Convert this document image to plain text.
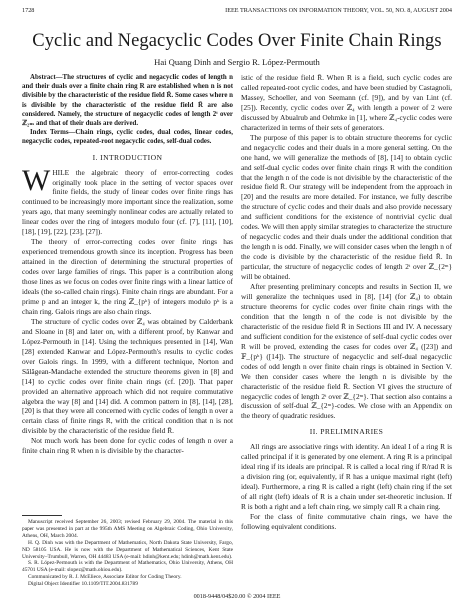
1728	IEEE TRANSACTIONS ON INFORMATION THEORY, VOL. 50, NO. 8, AUGUST 2004
Cyclic and Negacyclic Codes Over Finite Chain Rings
Hai Quang Dinh and Sergio R. López-Permouth

Abstract—The structures of cyclic and negacyclic codes of length n and their duals over a finite chain ring R are established when n is not divisible by the characteristic of the residue field R̄. Some cases where n is divisible by the characteristic of the residue field R̄ are also considered. Namely, the structure of negacyclic codes of length 2ᵗ over ℤ₂ₘ and that of their duals are derived.

Index Terms—Chain rings, cyclic codes, dual codes, linear codes, negacyclic codes, repeated-root negacyclic codes, self-dual codes.

I. INTRODUCTION

WHILE the algebraic theory of error-correcting codes originally took place in the setting of vector spaces over finite fields, the study of linear codes over finite rings has continued to be increasingly more important since the realization, some years ago, that many seemingly nonlinear codes are actually related to linear codes over the ring of integers modulo four (cf. [7], [11], [10], [18], [19], [22], [23], [27]).

The theory of error-correcting codes over finite rings has experienced tremendous growth since its inception. Progress has been attained in the direction of determining the structural properties of codes over large families of rings. This paper is a contribution along those lines as we focus on codes over finite rings with a linear lattice of ideals (the so-called chain rings). Finite chain rings are abundant. For a prime p and an integer k, the ring ℤ_{pᵏ} of integers modulo pᵏ is a chain ring. Galois rings are also chain rings.

The structure of cyclic codes over ℤ₄ was obtained by Calderbank and Sloane in [8] and later on, with a different proof, by Kanwar and López-Permouth in [14]. Using the techniques presented in [14], Wan [28] extended Kanwar and López-Permouth's results to cyclic codes over Galois rings. In 1999, with a different technique, Norton and Sălăgean-Mandache extended the structure theorems given in [8] and [14] to cyclic codes over finite chain rings (cf. [20]). That paper provided an alternative approach which did not require commutative algebra the way [8] and [14] did. A common pattern in [8], [14], [28], [20] is that they were all concerned with cyclic codes of length n over a certain class of finite rings R, with the critical condition that n is not divisible by the characteristic of the residue field R̄.

Not much work has been done for cyclic codes of length n over a finite chain ring R when n is divisible by the character-

Manuscript received September 26, 2003; revised February 29, 2004. The material in this paper was presented in part at the 995th AMS Meeting on Algebraic Coding, Ohio University, Athens, OH, March 2004.

H. Q. Dinh was with the Department of Mathematics, North Dakota State University, Fargo, ND 58105 USA. He is now with the Department of Mathematical Sciences, Kent State University–Trumbull, Warren, OH 44483 USA (e-mail: hdinh@kent.edu; hdinh@math.kent.edu).

S. R. López-Permouth is with the Department of Mathematics, Ohio University, Athens, OH 45701 USA (e-mail: slopez@math.ohiou.edu).

Communicated by R. J. McEliece, Associate Editor for Coding Theory.

Digital Object Identifier 10.1109/TIT.2004.831789

istic of the residue field R̄. When R is a field, such cyclic codes are called repeated-root cyclic codes, and have been studied by Castagnoli, Massey, Schoeller, and von Seemann (cf. [9]), and by van Lint (cf. [25]). Recently, cyclic codes over ℤ₄ with length a power of 2 were discussed by Abualrub and Oehmke in [1], where ℤ₄-cyclic codes were characterized in terms of their sets of generators.

The purpose of this paper is to obtain structure theorems for cyclic and negacyclic codes and their duals in a more general setting. On the one hand, we will generalize the methods of [8], [14] to obtain cyclic and self-dual cyclic codes over finite chain rings R with the condition that the length n of the code is not divisible by the characteristic of the residue field R̄. Our strategy will be independent from the approach in [20] and the results are more detailed. For instance, we fully describe the structure of cyclic codes and their duals and also provide necessary and sufficient conditions for the existence of nontrivial cyclic dual codes. We will then apply similar strategies to characterize the structure of negacyclic codes and their duals under the additional condition that the length n is odd. Finally, we will consider cases when the length n of the code is divisible by the characteristic of the residue field R̄. In particular, the structure of negacyclic codes of length 2ᵗ over ℤ_{2ᵐ} will be obtained.

After presenting preliminary concepts and results in Section II, we will generalize the techniques used in [8], [14] (for ℤ₄) to obtain structure theorems for cyclic codes over finite chain rings with the condition that the length n of the code is not divisible by the characteristic of the residue field R̄ in Sections III and IV. A necessary and sufficient condition for the existence of self-dual cyclic codes over R will be proved, extending the cases for codes over ℤ₄ ([23]) and 𝔽_{pᵏ} ([14]). The structure of negacyclic and self-dual negacyclic codes of odd length n over finite chain rings is obtained in Section V. We then consider cases where the length n is divisible by the characteristic of the residue field R̄. Section VI gives the structure of negacyclic codes of length 2ᵗ over ℤ_{2ᵐ}. That section also contains a discussion of self-dual ℤ_{2ᵐ}-codes. We close with an Appendix on the theory of quadratic residues.

II. PRELIMINARIES

All rings are associative rings with identity. An ideal I of a ring R is called principal if it is generated by one element. A ring R is a principal ideal ring if its ideals are principal. R is called a local ring if R/rad R is a division ring (or, equivalently, if R has a unique maximal right (left) ideal). Furthermore, a ring R is called a right (left) chain ring if the set of all right (left) ideals of R is a chain under set-theoretic inclusion. If R is both a right and a left chain ring, we simply call R a chain ring.

For the class of finite commutative chain rings, we have the following equivalent conditions.

0018-9448/04$20.00 © 2004 IEEE
